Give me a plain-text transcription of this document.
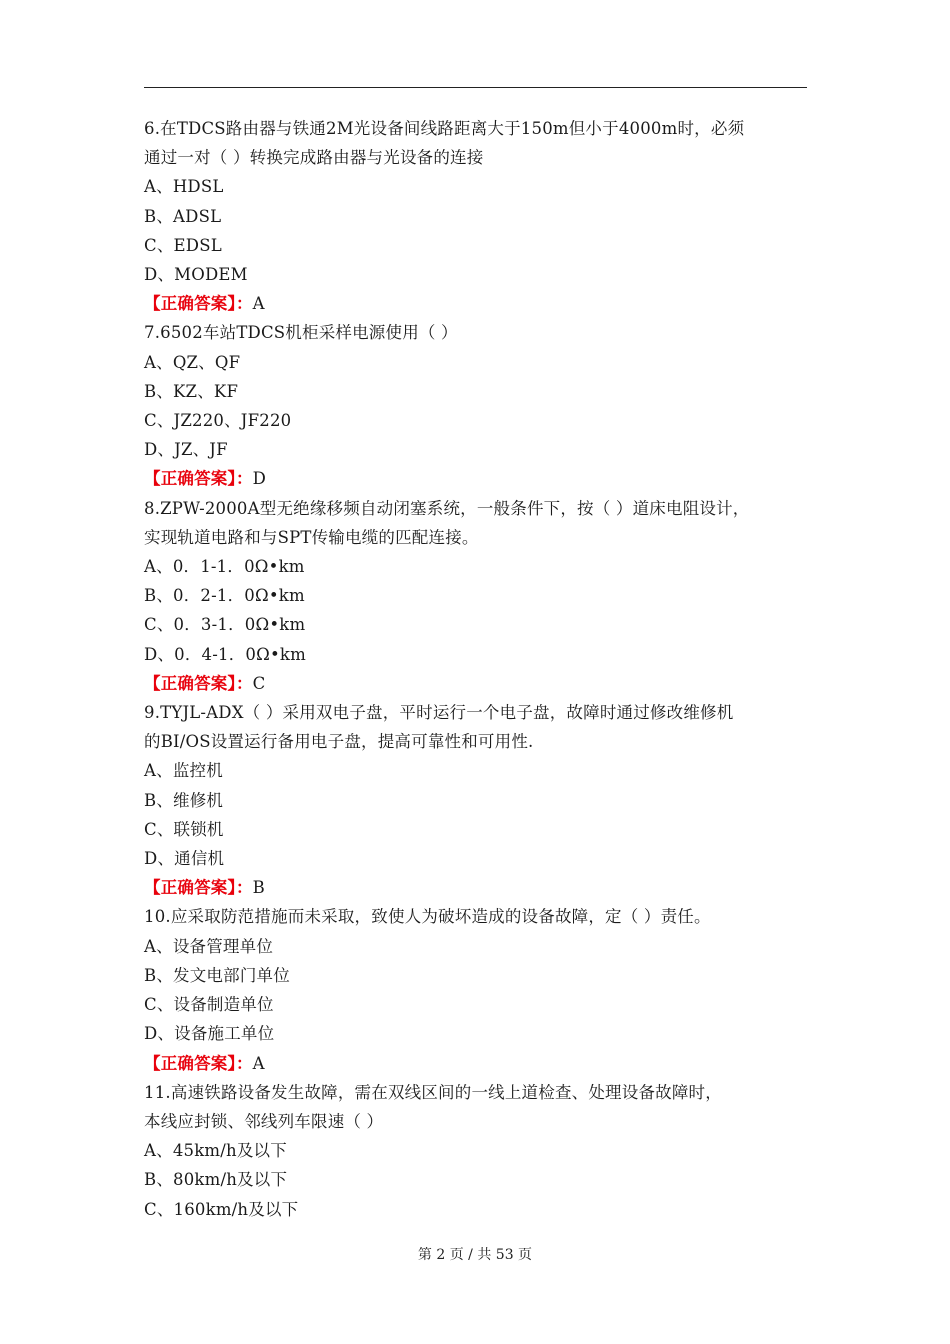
6.在TDCS路由器与铁通2M光设备间线路距离大于150m但小于4000m时，必须
通过一对（ ）转换完成路由器与光设备的连接
A、HDSL
B、ADSL
C、EDSL
D、MODEM
【正确答案】：A
7.6502车站TDCS机柜采样电源使用（ ）
A、QZ、QF
B、KZ、KF
C、JZ220、JF220
D、JZ、JF
【正确答案】：D
8.ZPW-2000A型无绝缘移频自动闭塞系统，一般条件下，按（ ）道床电阻设计，
实现轨道电路和与SPT传输电缆的匹配连接。
A、0．1-1．0Ω•km
B、0．2-1．0Ω•km
C、0．3-1．0Ω•km
D、0．4-1．0Ω•km
【正确答案】：C
9.TYJL-ADX（ ）采用双电子盘，平时运行一个电子盘，故障时通过修改维修机
的BI/OS设置运行备用电子盘，提高可靠性和可用性.
A、监控机
B、维修机
C、联锁机
D、通信机
【正确答案】：B
10.应采取防范措施而未采取，致使人为破坏造成的设备故障，定（ ）责任。
A、设备管理单位
B、发文电部门单位
C、设备制造单位
D、设备施工单位
【正确答案】：A
11.高速铁路设备发生故障，需在双线区间的一线上道检查、处理设备故障时，
本线应封锁、邻线列车限速（ ）
A、45km/h及以下
B、80km/h及以下
C、160km/h及以下
第 2 页 / 共 53 页
